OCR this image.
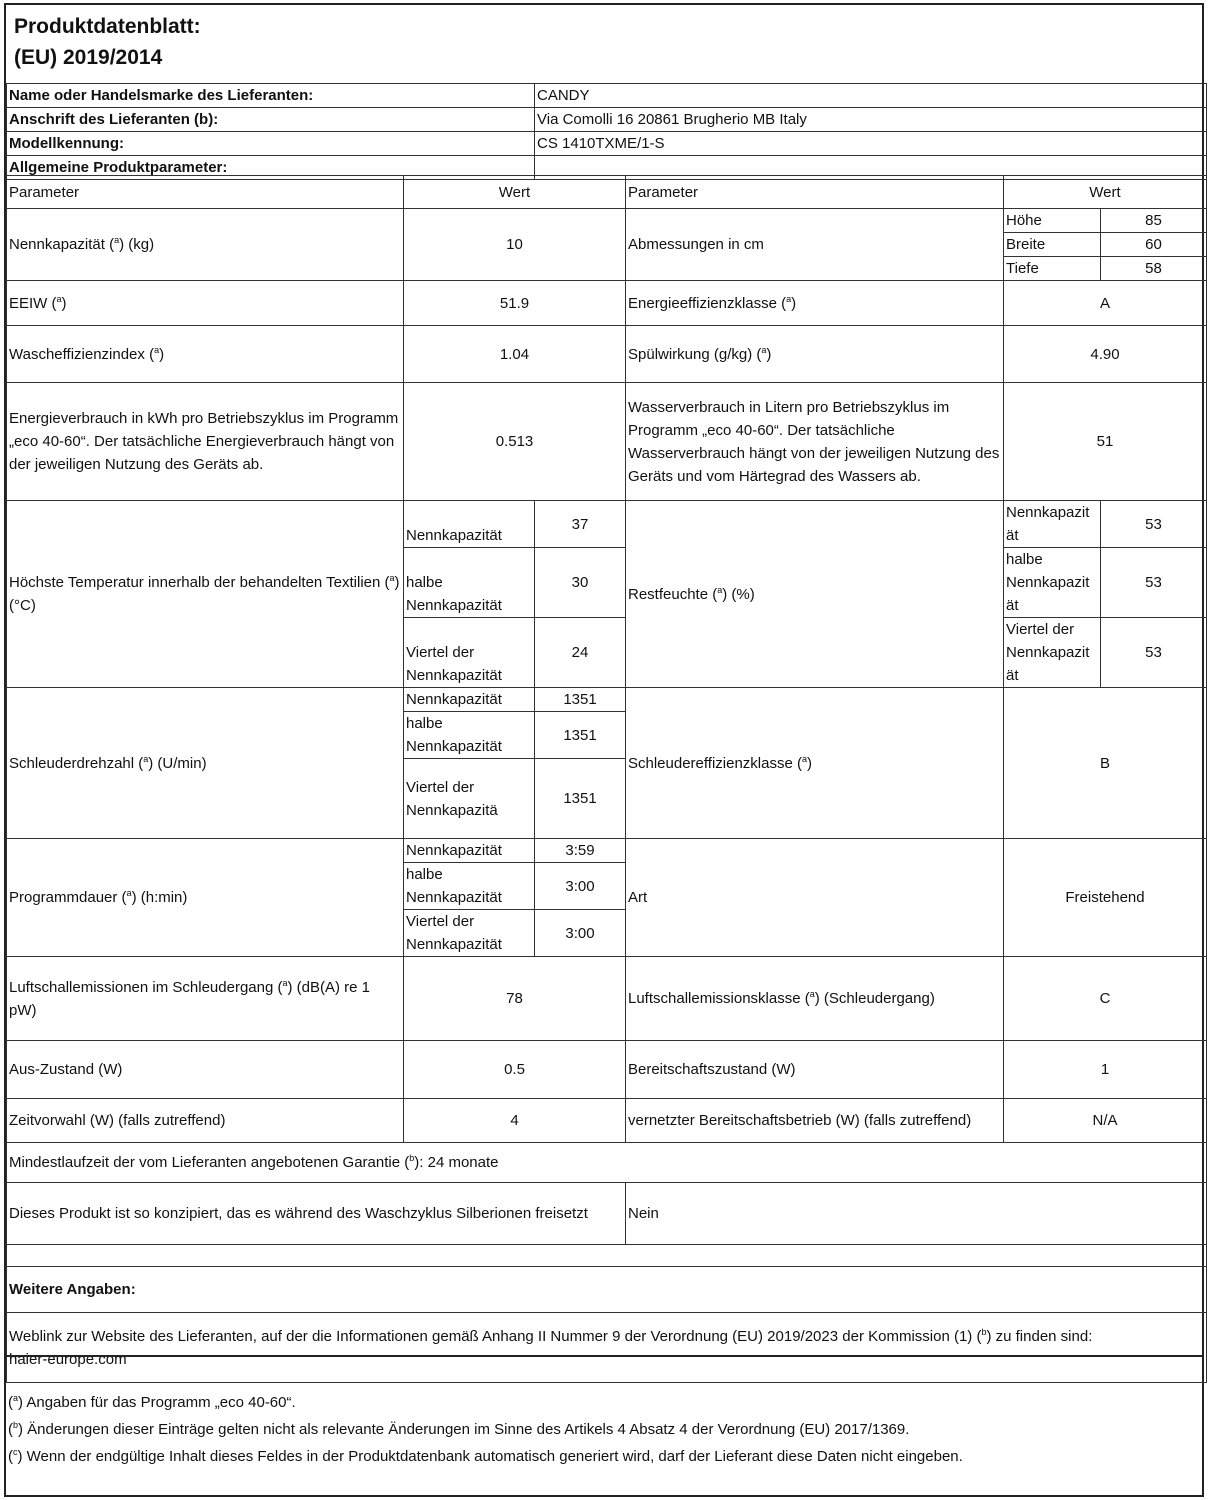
Produktdatenblatt:
(EU) 2019/2014
Name oder Handelsmarke des Lieferanten:	CANDY
Anschrift des Lieferanten (b):	Via Comolli 16 20861 Brugherio MB Italy
Modellkennung:	CS 1410TXME/1-S
Allgemeine Produktparameter:	
Parameter	Wert		Parameter	Wert	
Nennkapazität ($^a$) (kg)	10		Abmessungen in cm	Höhe	85
				Breite	60
				Tiefe	58
EEIW ($^a$)	51.9		Energieeffizienzklasse ($^a$)	A	
Wascheffizienzindex ($^a$)	1.04		Spülwirkung (g/kg) ($^a$)	4.90	
Energieverbrauch in kWh pro Betriebszyklus im Programm „eco 40-60“. Der tatsächliche Energieverbrauch hängt von der jeweiligen Nutzung des Geräts ab.	0.513		Wasserverbrauch in Litern pro Betriebszyklus im Programm „eco 40-60“. Der tatsächliche Wasserverbrauch hängt von der jeweiligen Nutzung des Geräts und vom Härtegrad des Wassers ab.	51	
Höchste Temperatur innerhalb der behandelten Textilien ($^a$) (°C)	Nennkapazität	37	Restfeuchte ($^a$) (%)	Nennkapazit ät	53
	halbe Nennkapazität	30		halbe Nennkapazit ät	53
	Viertel der Nennkapazität	24		Viertel der Nennkapazit ät	53
Schleuderdrehzahl ($^a$) (U/min)	Nennkapazität	1351	Schleudereffizienzklasse ($^a$)	B	
	halbe Nennkapazität	1351			
	Viertel der Nennkapazitä	1351			
Programmdauer ($^a$) (h:min)	Nennkapazität	3:59	Art	Freistehend	
	halbe Nennkapazität	3:00			
	Viertel der Nennkapazität	3:00			
Luftschallemissionen im Schleudergang ($^a$) (dB(A) re 1 pW)	78		Luftschallemissionsklasse ($^a$) (Schleudergang)	C	
Aus-Zustand (W)	0.5		Bereitschaftszustand (W)	1	
Zeitvorwahl (W) (falls zutreffend)	4		vernetzter Bereitschaftsbetrieb (W) (falls zutreffend)	N/A	
Mindestlaufzeit der vom Lieferanten angebotenen Garantie ($^b$): 24 monate					
Dieses Produkt ist so konzipiert, das es während des Waschzyklus Silberionen freisetzt			Nein		

Weitere Angaben:					
Weblink zur Website des Lieferanten, auf der die Informationen gemäß Anhang II Nummer 9 der Verordnung (EU) 2019/2023 der Kommission (1) ($^b$) zu finden sind:
haier-europe.com					
($^a$) Angaben für das Programm „eco 40-60“.
($^b$) Änderungen dieser Einträge gelten nicht als relevante Änderungen im Sinne des Artikels 4 Absatz 4 der Verordnung (EU) 2017/1369.
($^c$) Wenn der endgültige Inhalt dieses Feldes in der Produktdatenbank automatisch generiert wird, darf der Lieferant diese Daten nicht eingeben.
